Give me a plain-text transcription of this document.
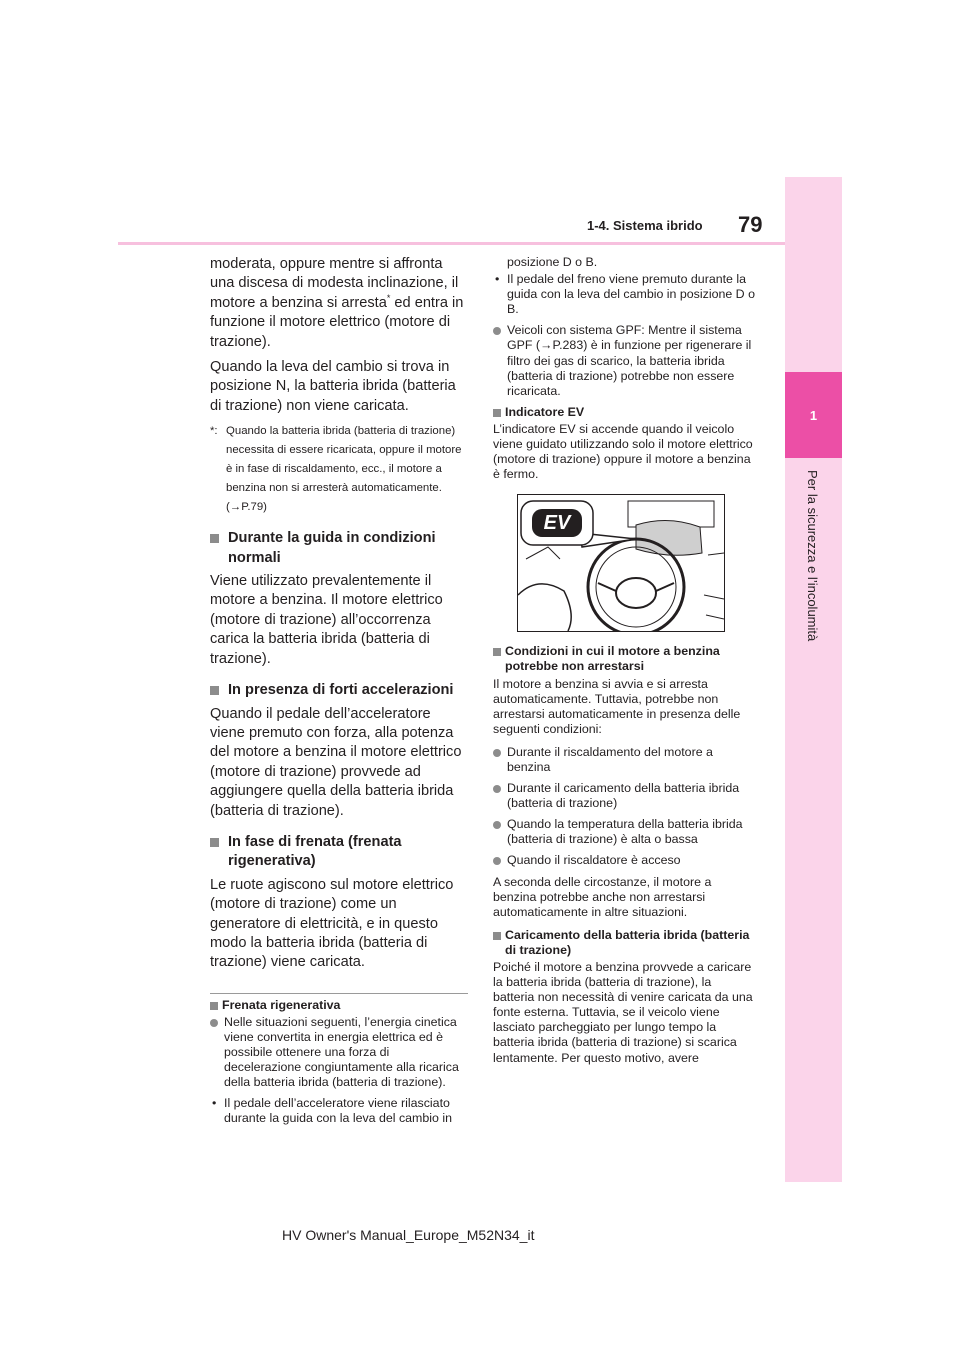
1
Per la sicurezza e l’incolumità
1-4. Sistema ibrido 79

moderata, oppure mentre si affronta una discesa di modesta inclinazione, il motore a benzina si arresta* ed entra in funzione il motore elettrico (motore di trazione).

Quando la leva del cambio si trova in posizione N, la batteria ibrida (batteria di trazione) non viene caricata.

*: Quando la batteria ibrida (batteria di trazione) necessita di essere ricaricata, oppure il motore è in fase di riscaldamento, ecc., il motore a benzina non si arresterà automaticamente. (→P.79)
Durante la guida in condizioni normali

Viene utilizzato prevalentemente il motore a benzina. Il motore elettrico (motore di trazione) all’occorrenza carica la batteria ibrida (batteria di trazione).

In presenza di forti accelerazioni

Quando il pedale dell’acceleratore viene premuto con forza, alla potenza del motore a benzina il motore elettrico (motore di trazione) provvede ad aggiungere quella della batteria ibrida (batteria di trazione).

In fase di frenata (frenata rigenerativa)

Le ruote agiscono sul motore elettrico (motore di trazione) come un generatore di elettricità, e in questo modo la batteria ibrida (batteria di trazione) viene caricata.

Frenata rigenerativa
Nelle situazioni seguenti, l’energia cinetica viene convertita in energia elettrica ed è possibile ottenere una forza di decelerazione congiuntamente alla ricarica della batteria ibrida (batteria di trazione).
• Il pedale dell’acceleratore viene rilasciato durante la guida con la leva del cambio in

posizione D o B.

• Il pedale del freno viene premuto durante la guida con la leva del cambio in posizione D o B.
Veicoli con sistema GPF: Mentre il sistema GPF (→P.283) è in funzione per rigenerare il filtro dei gas di scarico, la batteria ibrida (batteria di trazione) potrebbe non essere ricaricata.
Indicatore EV

L’indicatore EV si accende quando il veicolo viene guidato utilizzando solo il motore elettrico (motore di trazione) oppure il motore a benzina è fermo.

EV
Condizioni in cui il motore a benzina potrebbe non arrestarsi

Il motore a benzina si avvia e si arresta automaticamente. Tuttavia, potrebbe non arrestarsi automaticamente in presenza delle seguenti condizioni:

Durante il riscaldamento del motore a benzina
Durante il caricamento della batteria ibrida (batteria di trazione)
Quando la temperatura della batteria ibrida (batteria di trazione) è alta o bassa
Quando il riscaldatore è acceso

A seconda delle circostanze, il motore a benzina potrebbe anche non arrestarsi automaticamente in altre situazioni.

Caricamento della batteria ibrida (batteria di trazione)

Poiché il motore a benzina provvede a caricare la batteria ibrida (batteria di trazione), la batteria non necessità di venire caricata da una fonte esterna. Tuttavia, se il veicolo viene lasciato parcheggiato per lungo tempo la batteria ibrida (batteria di trazione) si scarica lentamente. Per questo motivo, avere

HV Owner's Manual_Europe_M52N34_it
